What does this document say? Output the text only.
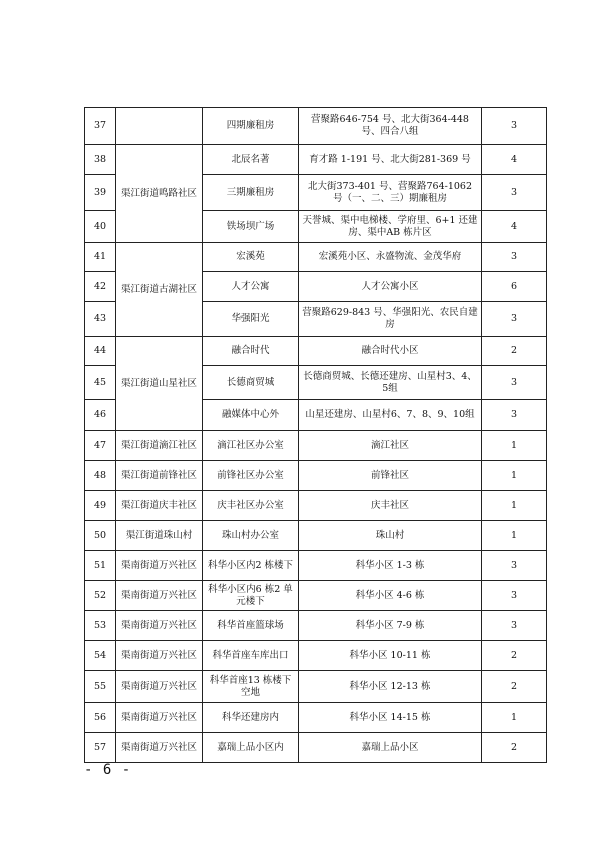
37		四期廉租房	营聚路646-754 号、北大街364-448 号、四合八组	3
38	渠江街道鸣路社区	北辰名著	育才路 1-191 号、北大街281-369 号	4
39		三期廉租房	北大街373-401 号、营聚路764-1062 号（一、二、三）期廉租房	3
40		铁场坝广场	天誉城、渠中电梯楼、学府里、6+1 还建房、渠中AB 栋片区	4
41	渠江街道古湖社区	宏溪苑	宏溪苑小区、永盛物流、金茂华府	3
42		人才公寓	人才公寓小区	6
43		华强阳光	营聚路629-843 号、华强阳光、农民自建房	3
44	渠江街道山星社区	融合时代	融合时代小区	2
45		长德商贸城	长德商贸城、长德还建房、山星村3、4、5组	3
46		融媒体中心外	山星还建房、山星村6、7、8、9、10组	3
47	渠江街道滴江社区	滴江社区办公室	滴江社区	1
48	渠江街道前锋社区	前锋社区办公室	前锋社区	1
49	渠江街道庆丰社区	庆丰社区办公室	庆丰社区	1
50	渠江街道珠山村	珠山村办公室	珠山村	1
51	渠南街道万兴社区	科华小区内2 栋楼下	科华小区 1-3 栋	3
52	渠南街道万兴社区	科华小区内6 栋2 单元楼下	科华小区 4-6 栋	3
53	渠南街道万兴社区	科华首座篮球场	科华小区 7-9 栋	3
54	渠南街道万兴社区	科华首座车库出口	科华小区 10-11 栋	2
55	渠南街道万兴社区	科华首座13 栋楼下空地	科华小区 12-13 栋	2
56	渠南街道万兴社区	科华还建房内	科华小区 14-15 栋	1
57	渠南街道万兴社区	嘉瑞上品小区内	嘉瑞上品小区	2
- 6 -
